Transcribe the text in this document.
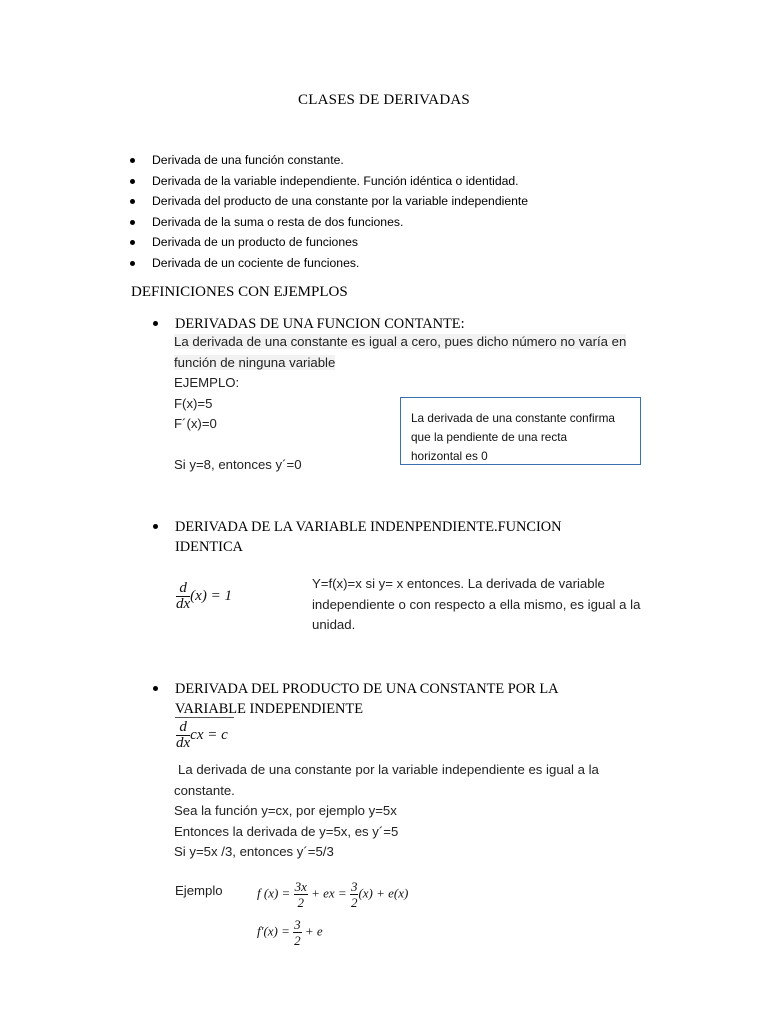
CLASES DE DERIVADAS
Derivada de una función constante.
Derivada de la variable independiente. Función idéntica o identidad.
Derivada del producto de una constante por la variable independiente
Derivada de la suma o resta de dos funciones.
Derivada de un producto de funciones
Derivada de un cociente de funciones.
DEFINICIONES CON EJEMPLOS
DERIVADAS DE UNA FUNCION CONTANTE:
La derivada de una constante es igual a cero, pues dicho número no varía en
función de ninguna variable
EJEMPLO:
F(x)=5
F´(x)=0
Si y=8, entonces y´=0
La derivada de una constante confirma
que la pendiente de una recta
horizontal es 0
DERIVADA DE LA VARIABLE INDENPENDIENTE.FUNCION
IDENTICA
$\frac{d}{dx} (x) = 1$
Y=f(x)=x si y= x entonces. La derivada de variable
independiente o con respecto a ella mismo, es igual a la
unidad.
DERIVADA DEL PRODUCTO DE UNA CONSTANTE POR LA
VARIABLE INDEPENDIENTE
$\frac{d}{dx}$ cx = c
La derivada de una constante por la variable independiente es igual a la
constante.
Sea la función y=cx, por ejemplo y=5x
Entonces la derivada de y=5x, es y´=5
Si y=5x /3, entonces y´=5/3
Ejemplo	f $(x) = \frac{3x}{2}$ + ex = $\frac{3}{2} (x) + e(x)$
$f'(x) = \frac{3}{2} + e$
